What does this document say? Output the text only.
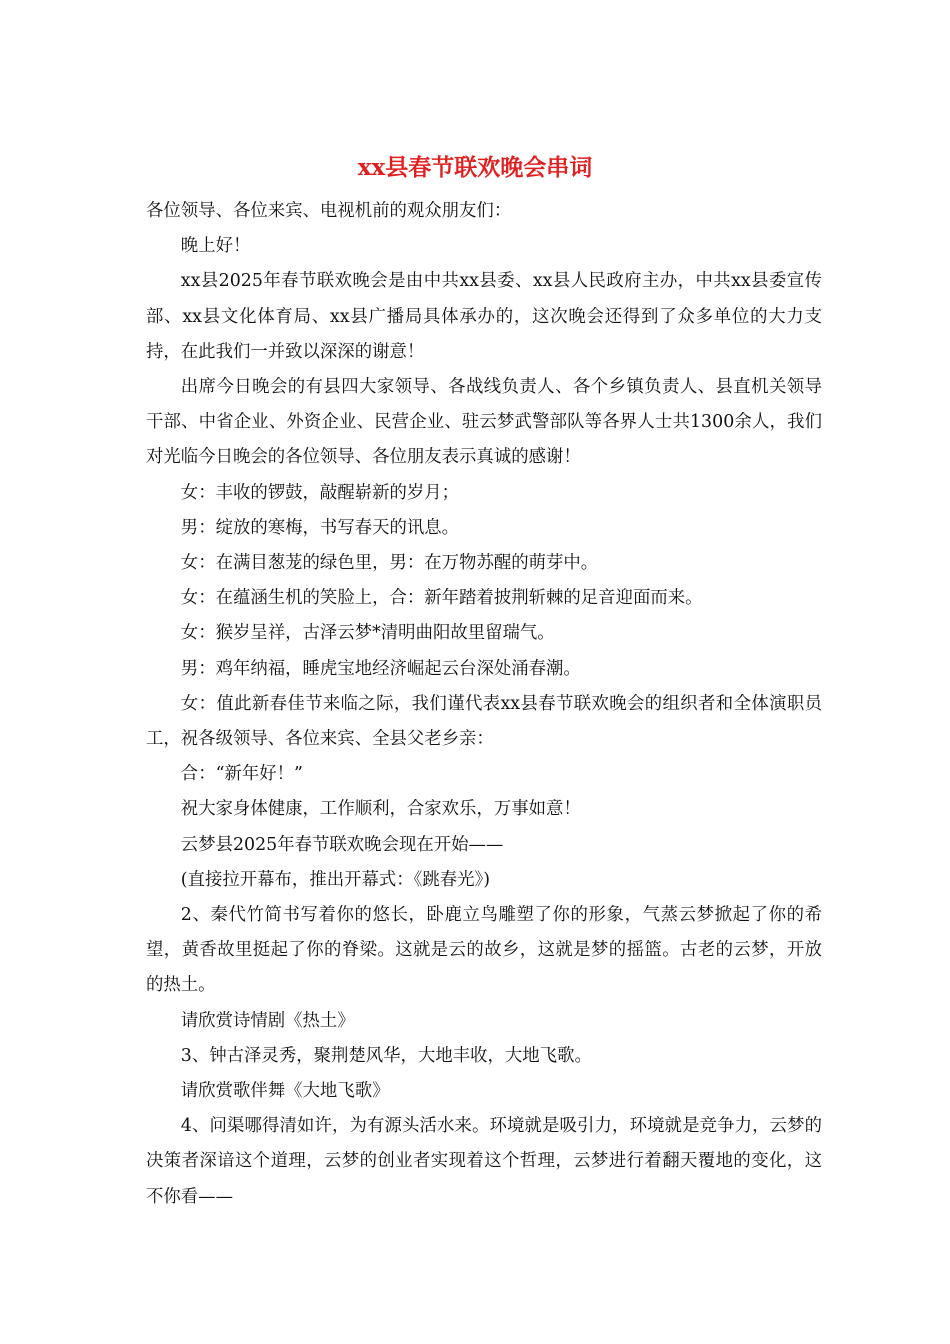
xx县春节联欢晚会串词

各位领导、各位来宾、电视机前的观众朋友们：

晚上好！

xx县2025年春节联欢晚会是由中共xx县委、xx县人民政府主办，中共xx县委宣传部、xx县文化体育局、xx县广播局具体承办的，这次晚会还得到了众多单位的大力支持，在此我们一并致以深深的谢意！

出席今日晚会的有县四大家领导、各战线负责人、各个乡镇负责人、县直机关领导干部、中省企业、外资企业、民营企业、驻云梦武警部队等各界人士共1300余人，我们对光临今日晚会的各位领导、各位朋友表示真诚的感谢！

女：丰收的锣鼓，敲醒崭新的岁月；

男：绽放的寒梅，书写春天的讯息。

女：在满目葱茏的绿色里，男：在万物苏醒的萌芽中。

女：在蕴涵生机的笑脸上，合：新年踏着披荆斩棘的足音迎面而来。

女：猴岁呈祥，古泽云梦*清明曲阳故里留瑞气。

男：鸡年纳福，睡虎宝地经济崛起云台深处涌春潮。

女：值此新春佳节来临之际，我们谨代表xx县春节联欢晚会的组织者和全体演职员工，祝各级领导、各位来宾、全县父老乡亲：

合：“新年好！”

祝大家身体健康，工作顺利，合家欢乐，万事如意！

云梦县2025年春节联欢晚会现在开始——

(直接拉开幕布，推出开幕式：《跳春光》)

2、秦代竹简书写着你的悠长，卧鹿立鸟雕塑了你的形象，气蒸云梦掀起了你的希望，黄香故里挺起了你的脊梁。这就是云的故乡，这就是梦的摇篮。古老的云梦，开放的热土。

请欣赏诗情剧《热土》

3、钟古泽灵秀，聚荆楚风华，大地丰收，大地飞歌。

请欣赏歌伴舞《大地飞歌》

4、问渠哪得清如许，为有源头活水来。环境就是吸引力，环境就是竞争力，云梦的决策者深谙这个道理，云梦的创业者实现着这个哲理，云梦进行着翻天覆地的变化，这不你看——
